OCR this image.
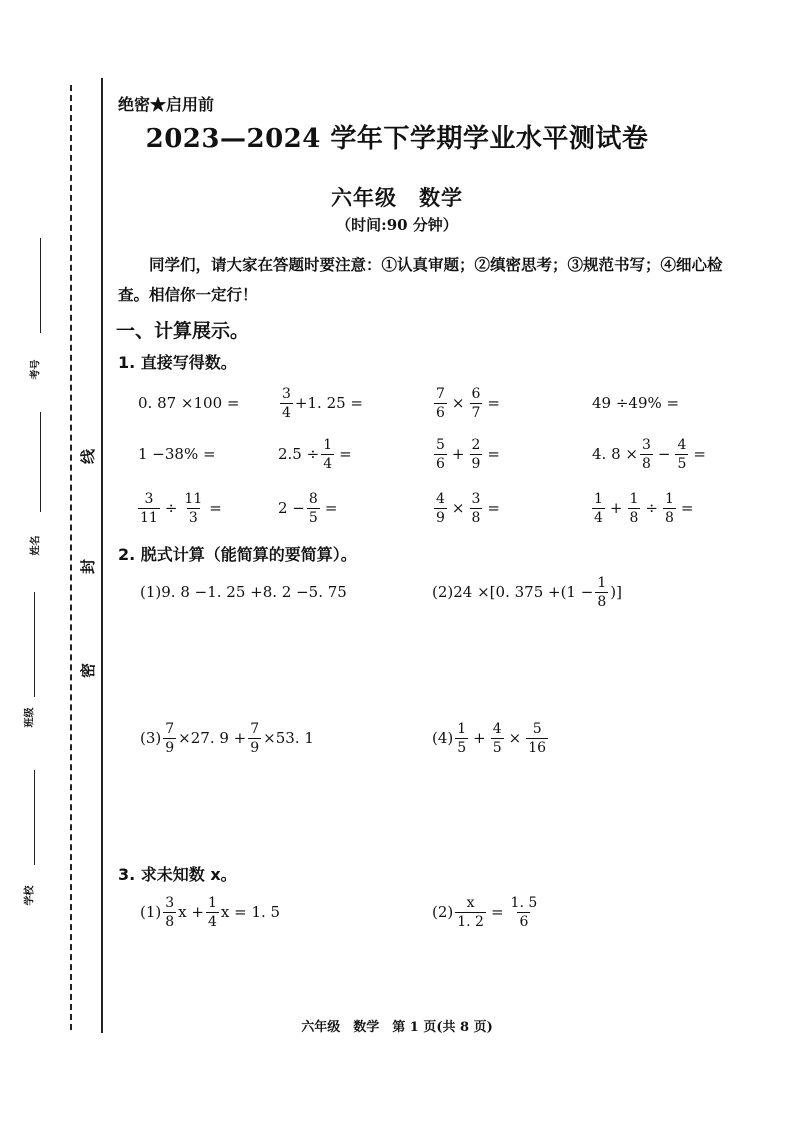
考号
姓名
班级
学校
线
封
密
绝密★启用前
2023—2024 学年下学期学业水平测试卷
六年级　数学
（时间:90 分钟）
同学们，请大家在答题时要注意：①认真审题；②缜密思考；③规范书写；④细心检查。相信你一定行！
一、计算展示。
1. 直接写得数。
0. 87 ×100 =	$\frac{3}{4} +1$. 25 =	$\frac{7}{6} \times \frac{6}{7}$ =	49 ÷49% =
1 −38% =	$2.5 \div \frac{1}{4}$ =	$\frac{5}{6} + \frac{2}{9}$ =	4. $8 \times \frac{3}{8} - \frac{4}{5}$ =
$\frac{3}{11} \div \frac{11}{3}$ =	$2 - \frac{8}{5}$ =	$\frac{4}{9} \times \frac{3}{8}$ =	$\frac{1}{4} + \frac{1}{8} \div \frac{1}{8}$ =
2. 脱式计算（能简算的要简算）。
(1)9. 8 −1. 25 +8. 2 −5. 75	(2)24 ×[0. $375 +(1 - \frac{1}{8}$ )]
$(3) \frac{7}{9} \times 27$. $9 + \frac{7}{9} \times 53$. 1	$(4) \frac{1}{5} + \frac{4}{5} \times \frac{5}{16}$
3. 求未知数 x。
$(1) \frac{3}{8}$ $x + \frac{1}{4}$ x = 1. 5	$(2) \frac{x}{1. 2} = \frac{1. 5}{6}$
六年级　数学　第 1 页(共 8 页)
